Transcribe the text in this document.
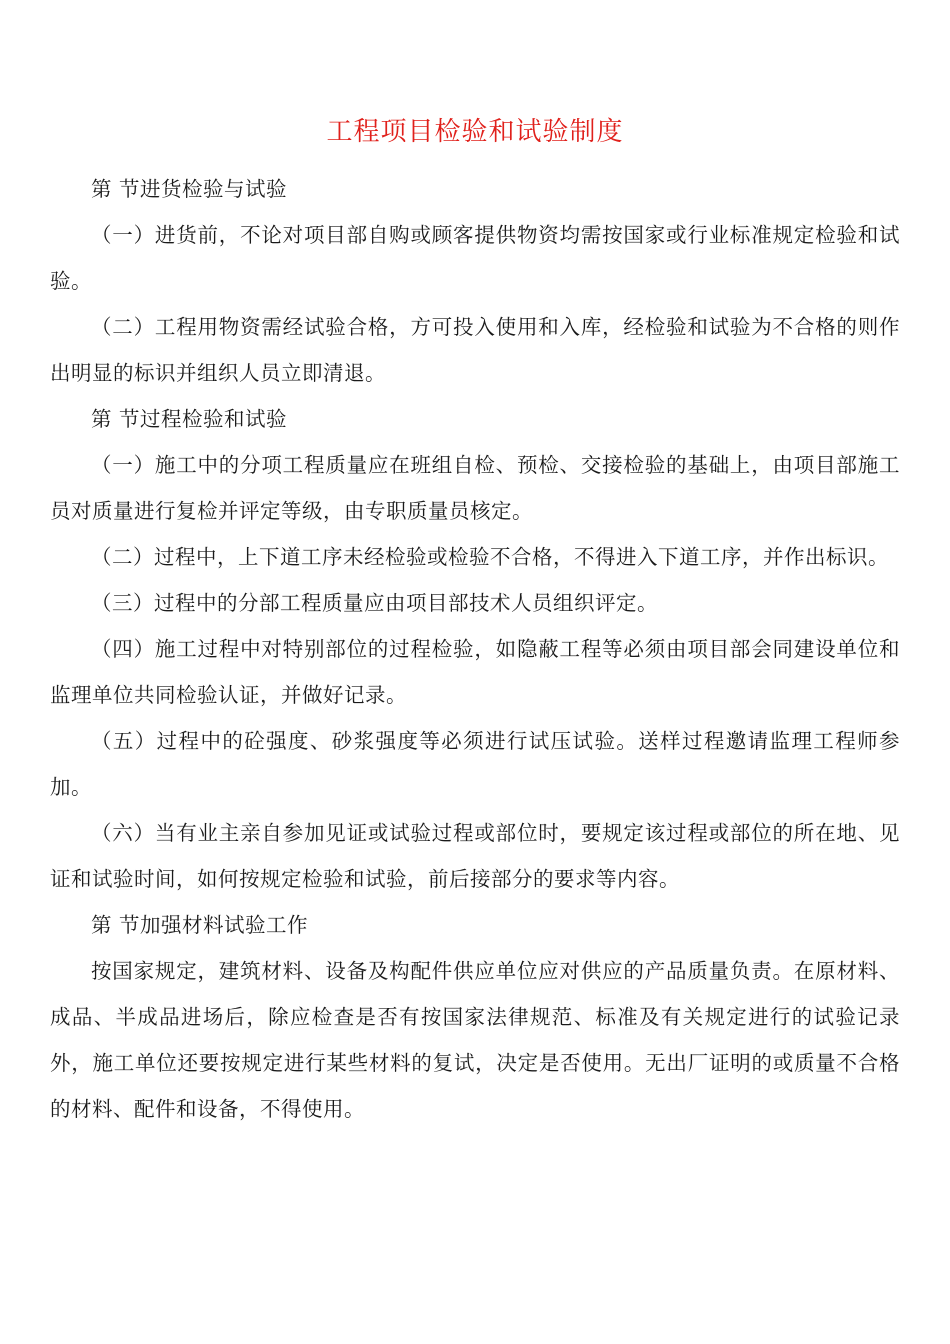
工程项目检验和试验制度

第 节进货检验与试验

（一）进货前，不论对项目部自购或顾客提供物资均需按国家或行业标准规定检验和试验。

（二）工程用物资需经试验合格，方可投入使用和入库，经检验和试验为不合格的则作出明显的标识并组织人员立即清退。

第 节过程检验和试验

（一）施工中的分项工程质量应在班组自检、预检、交接检验的基础上，由项目部施工员对质量进行复检并评定等级，由专职质量员核定。

（二）过程中，上下道工序未经检验或检验不合格，不得进入下道工序，并作出标识。

（三）过程中的分部工程质量应由项目部技术人员组织评定。

（四）施工过程中对特别部位的过程检验，如隐蔽工程等必须由项目部会同建设单位和监理单位共同检验认证，并做好记录。

（五）过程中的砼强度、砂浆强度等必须进行试压试验。送样过程邀请监理工程师参加。

（六）当有业主亲自参加见证或试验过程或部位时，要规定该过程或部位的所在地、见证和试验时间，如何按规定检验和试验，前后接部分的要求等内容。

第 节加强材料试验工作

按国家规定，建筑材料、设备及构配件供应单位应对供应的产品质量负责。在原材料、成品、半成品进场后，除应检查是否有按国家法律规范、标准及有关规定进行的试验记录外，施工单位还要按规定进行某些材料的复试，决定是否使用。无出厂证明的或质量不合格的材料、配件和设备，不得使用。
